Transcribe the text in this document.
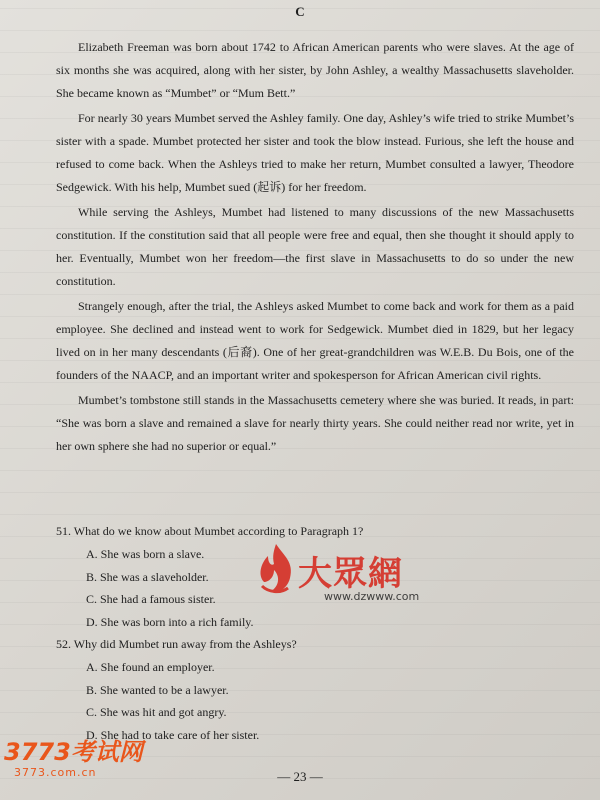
C

Elizabeth Freeman was born about 1742 to African American parents who were slaves. At the age of six months she was acquired, along with her sister, by John Ashley, a wealthy Massachusetts slaveholder. She became known as “Mumbet” or “Mum Bett.”

For nearly 30 years Mumbet served the Ashley family. One day, Ashley’s wife tried to strike Mumbet’s sister with a spade. Mumbet protected her sister and took the blow instead. Furious, she left the house and refused to come back. When the Ashleys tried to make her return, Mumbet consulted a lawyer, Theodore Sedgewick. With his help, Mumbet sued (起诉) for her freedom.

While serving the Ashleys, Mumbet had listened to many discussions of the new Massachusetts constitution. If the constitution said that all people were free and equal, then she thought it should apply to her. Eventually, Mumbet won her freedom—the first slave in Massachusetts to do so under the new constitution.

Strangely enough, after the trial, the Ashleys asked Mumbet to come back and work for them as a paid employee. She declined and instead went to work for Sedgewick. Mumbet died in 1829, but her legacy lived on in her many descendants (后裔). One of her great-grandchildren was W.E.B. Du Bois, one of the founders of the NAACP, and an important writer and spokesperson for African American civil rights.

Mumbet’s tombstone still stands in the Massachusetts cemetery where she was buried. It reads, in part: “She was born a slave and remained a slave for nearly thirty years. She could neither read nor write, yet in her own sphere she had no superior or equal.”

51. What do we know about Mumbet according to Paragraph 1?

A. She was born a slave.

B. She was a slaveholder.

C. She had a famous sister.

D. She was born into a rich family.

52. Why did Mumbet run away from the Ashleys?

A. She found an employer.

B. She wanted to be a lawyer.

C. She was hit and got angry.

D. She had to take care of her sister.

大眾網
www.dzwww.com
— 23 —
3773考试网
3773.com.cn
